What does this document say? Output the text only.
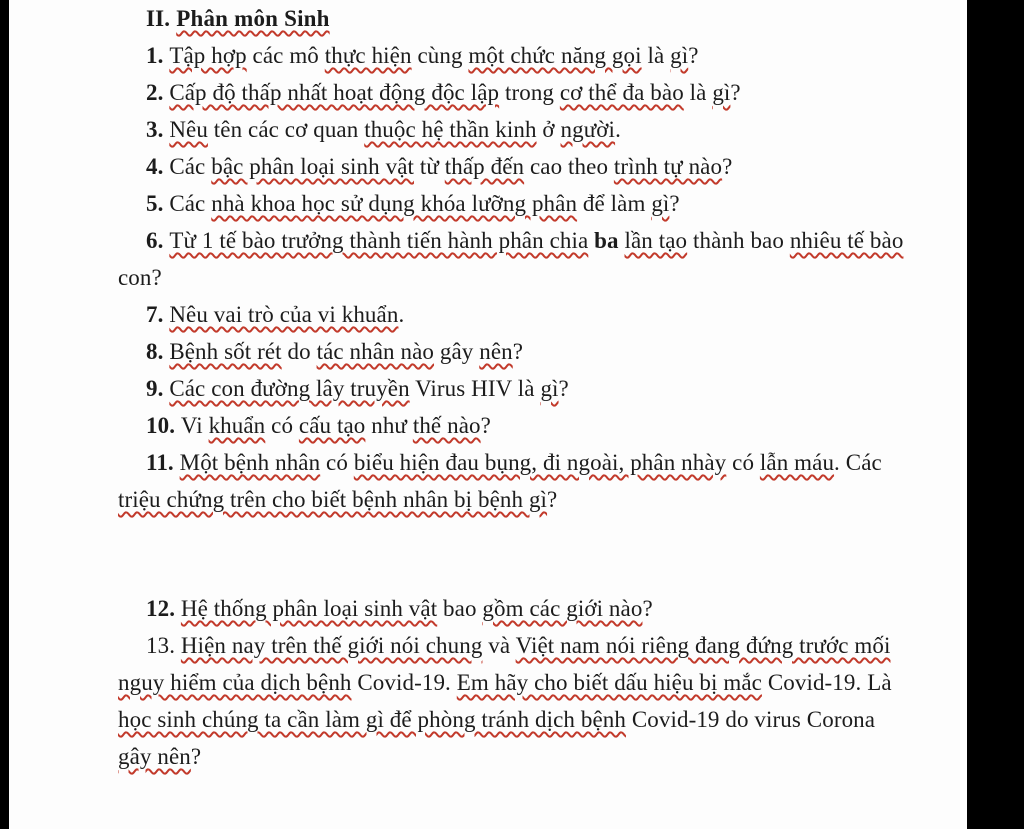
II. Phân môn Sinh

1. Tập hợp các mô thực hiện cùng một chức năng gọi là gì?

2. Cấp độ thấp nhất hoạt động độc lập trong cơ thể đa bào là gì?

3. Nêu tên các cơ quan thuộc hệ thần kinh ở người.

4. Các bậc phân loại sinh vật từ thấp đến cao theo trình tự nào?

5. Các nhà khoa học sử dụng khóa lưỡng phân để làm gì?

6. Từ 1 tế bào trưởng thành tiến hành phân chia ba lần tạo thành bao nhiêu tế bào con?

7. Nêu vai trò của vi khuẩn.

8. Bệnh sốt rét do tác nhân nào gây nên?

9. Các con đường lây truyền Virus HIV là gì?

10. Vi khuẩn có cấu tạo như thế nào?

11. Một bệnh nhân có biểu hiện đau bụng, đi ngoài, phân nhày có lẫn máu. Các triệu chứng trên cho biết bệnh nhân bị bệnh gì?

12. Hệ thống phân loại sinh vật bao gồm các giới nào?

13. Hiện nay trên thế giới nói chung và Việt nam nói riêng đang đứng trước mối nguy hiểm của dịch bệnh Covid-19. Em hãy cho biết dấu hiệu bị mắc Covid-19. Là học sinh chúng ta cần làm gì để phòng tránh dịch bệnh Covid-19 do virus Corona gây nên?
